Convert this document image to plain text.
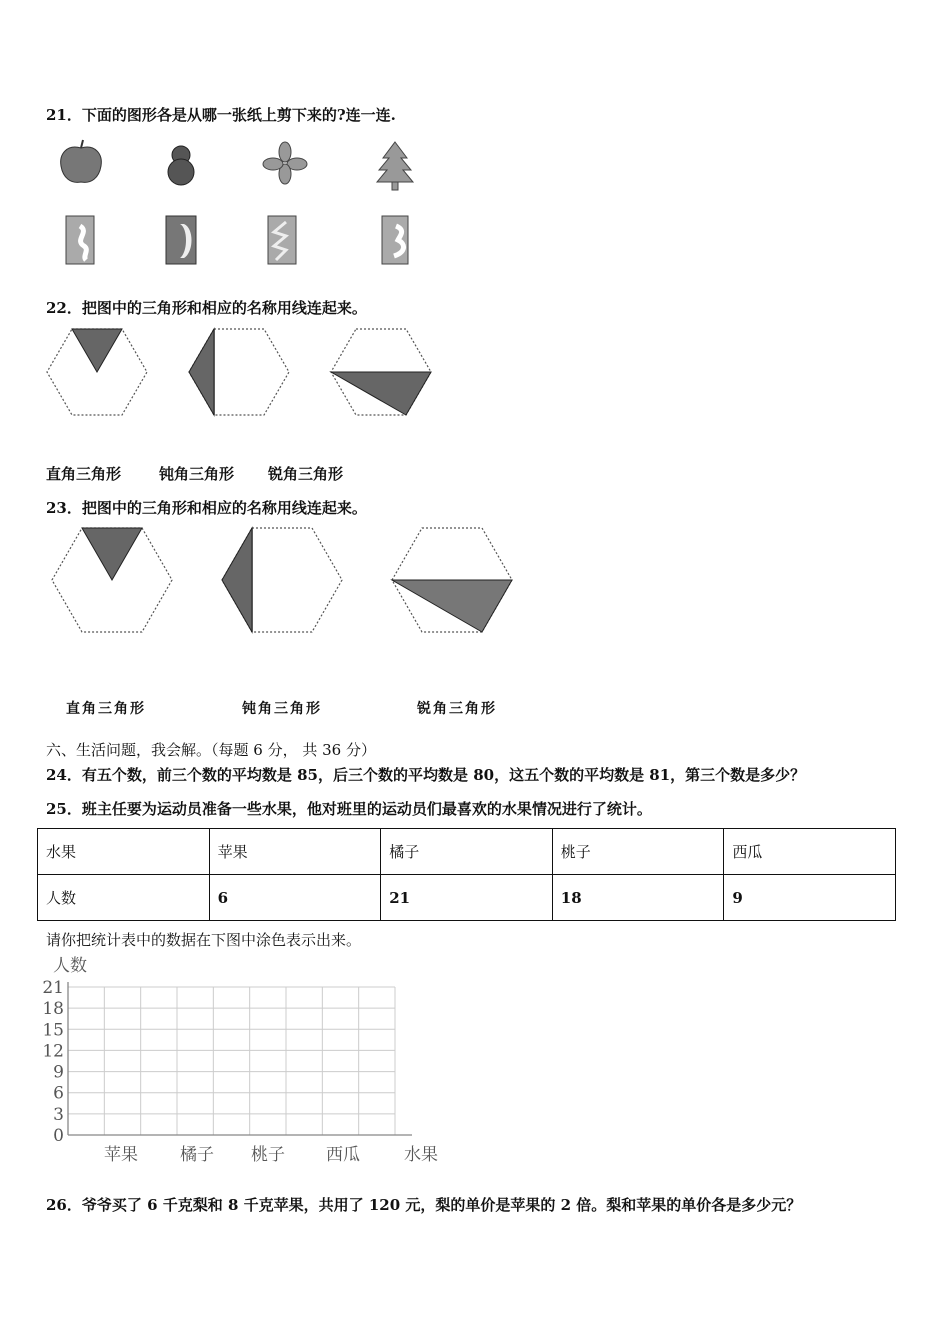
21．下面的图形各是从哪一张纸上剪下来的?连一连.
22．把图中的三角形和相应的名称用线连起来。
直角三角形	钝角三角形 锐角三角形
23．把图中的三角形和相应的名称用线连起来。
直角三角形	钝角三角形	锐角三角形
六、生活问题，我会解。（每题 6 分， 共 36 分）
24．有五个数，前三个数的平均数是 85，后三个数的平均数是 80，这五个数的平均数是 81，第三个数是多少？
25．班主任要为运动员准备一些水果，他对班里的运动员们最喜欢的水果情况进行了统计。
水果	苹果	橘子	桃子	西瓜
人数	6	21	18	9
请你把统计表中的数据在下图中涂色表示出来。
0
3
6
9
12
15
18
21
人数
苹果 橘子 桃子 西瓜	水果
26．爷爷买了 6 千克梨和 8 千克苹果，共用了 120 元，梨的单价是苹果的 2 倍。梨和苹果的单价各是多少元？
